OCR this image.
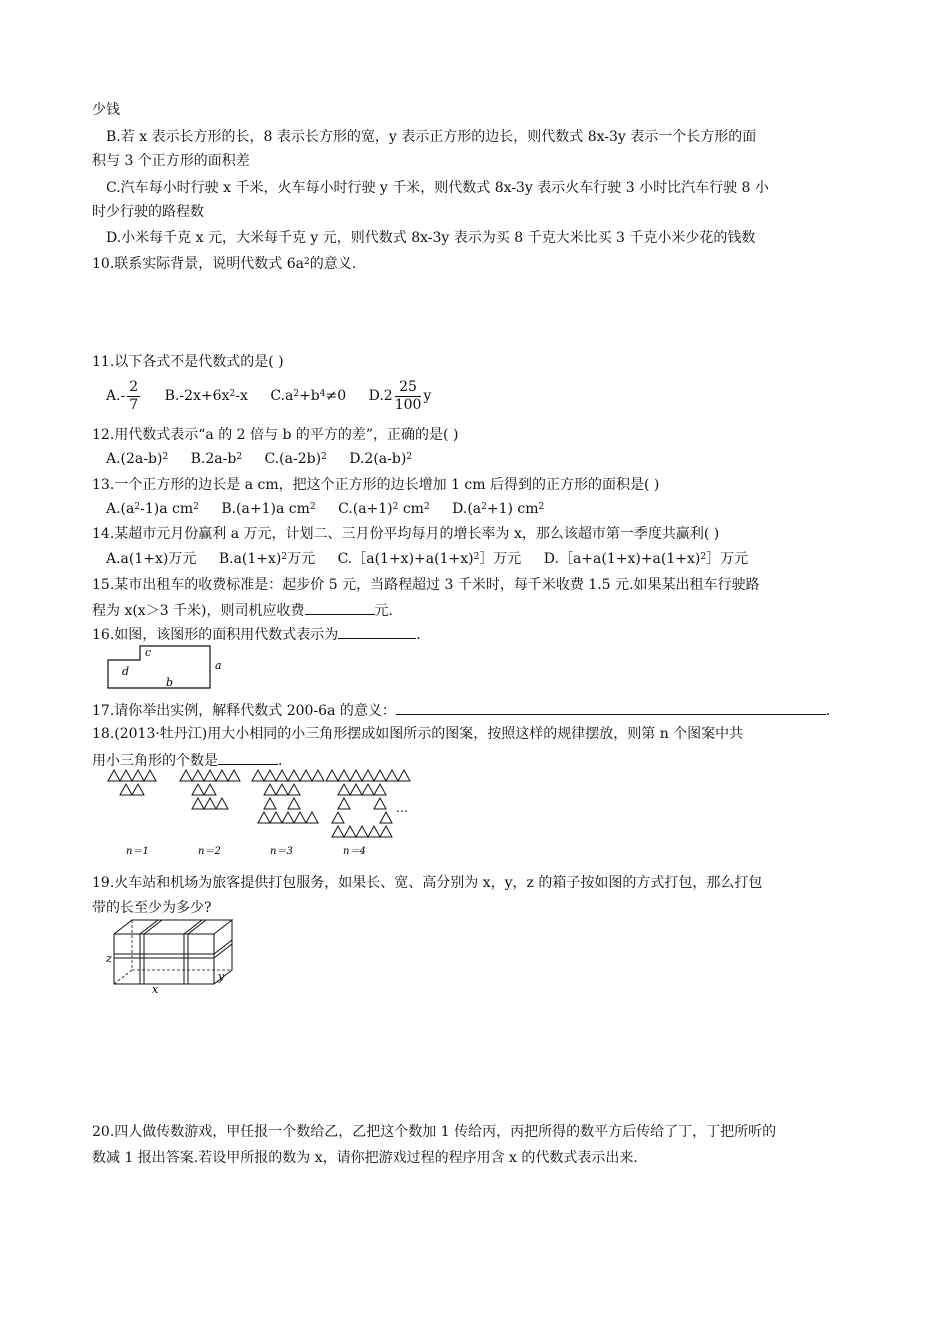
少钱
B.若 x 表示长方形的长，8 表示长方形的宽，y 表示正方形的边长，则代数式 8x-3y 表示一个长方形的面
积与 3 个正方形的面积差
C.汽车每小时行驶 x 千米，火车每小时行驶 y 千米，则代数式 8x-3y 表示火车行驶 3 小时比汽车行驶 8 小
时少行驶的路程数
D.小米每千克 x 元，大米每千克 y 元，则代数式 8x-3y 表示为买 8 千克大米比买 3 千克小米少花的钱数
10.联系实际背景，说明代数式 $6a^2$的意义.
11.以下各式不是代数式的是( )
$A.- \frac{2}{7} B.-2x+6x^2-x$ $C.a^2+b^4\ne 0$ $D.2 \frac{25}{100}$ y
12.用代数式表示“a 的 2 倍与 b 的平方的差”，正确的是( )
$A.(2a-b)^2$ $B.2a-b^2$ $C.(a-2b)^2$ $D.2(a-b)^2$
13.一个正方形的边长是 a cm，把这个正方形的边长增加 1 cm 后得到的正方形的面积是( )
$A.(a^2-1)a$ $cm^2$ B.(a+1)a $cm^2$ $C.(a+1)^2$ $cm^2$ $D.(a^2+1)$ $cm^2$
14.某超市元月份赢利 a 万元，计划二、三月份平均每月的增长率为 x，那么该超市第一季度共赢利( )
A.a(1+x)万元 $B.a(1+x)^2$万元 $C.[a(1+x)+a(1+x)^2]$万元 $D.[a+a(1+x)+a(1+x)^2]$万元
15.某市出租车的收费标准是：起步价 5 元，当路程超过 3 千米时，每千米收费 1.5 元.如果某出租车行驶路
程为 x(x＞3 千米)，则司机应收费	元.
16.如图，该图形的面积用代数式表示为	.
c
d	a
b
17.请你举出实例，解释代数式 200-6a 的意义：	.
18.(2013·牡丹江)用大小相同的小三角形摆成如图所示的图案，按照这样的规律摆放，则第 n 个图案中共
用小三角形的个数是	.
…
n＝1	n＝2	n＝3	n＝4
19.火车站和机场为旅客提供打包服务，如果长、宽、高分别为 x，y，z 的箱子按如图的方式打包，那么打包
带的长至少为多少?
z
x
y
20.四人做传数游戏，甲任报一个数给乙，乙把这个数加 1 传给丙，丙把所得的数平方后传给了丁，丁把所听的
数减 1 报出答案.若设甲所报的数为 x，请你把游戏过程的程序用含 x 的代数式表示出来.
